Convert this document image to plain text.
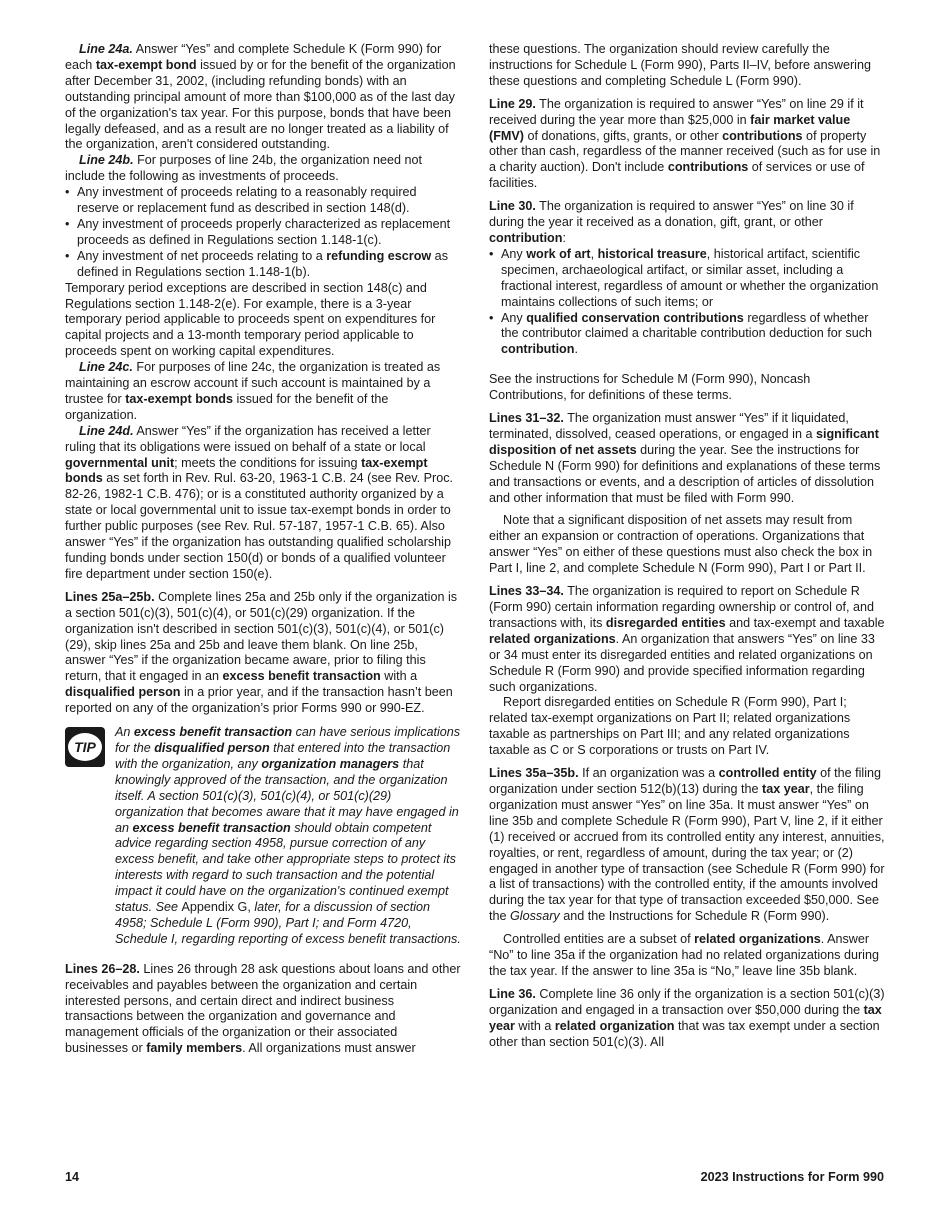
Line 24a. Answer “Yes” and complete Schedule K (Form 990) for each tax-exempt bond issued by or for the benefit of the organization after December 31, 2002, (including refunding bonds) with an outstanding principal amount of more than $100,000 as of the last day of the organization's tax year. For this purpose, bonds that have been legally defeased, and as a result are no longer treated as a liability of the organization, aren't considered outstanding.

Line 24b. For purposes of line 24b, the organization need not include the following as investments of proceeds.

• Any investment of proceeds relating to a reasonably required reserve or replacement fund as described in section 148(d).

• Any investment of proceeds properly characterized as replacement proceeds as defined in Regulations section 1.148-1(c).

• Any investment of net proceeds relating to a refunding escrow as defined in Regulations section 1.148-1(b).

Temporary period exceptions are described in section 148(c) and Regulations section 1.148-2(e). For example, there is a 3-year temporary period applicable to proceeds spent on expenditures for capital projects and a 13-month temporary period applicable to proceeds spent on working capital expenditures.

Line 24c. For purposes of line 24c, the organization is treated as maintaining an escrow account if such account is maintained by a trustee for tax-exempt bonds issued for the benefit of the organization.

Line 24d. Answer “Yes” if the organization has received a letter ruling that its obligations were issued on behalf of a state or local governmental unit; meets the conditions for issuing tax-exempt bonds as set forth in Rev. Rul. 63-20, 1963-1 C.B. 24 (see Rev. Proc. 82-26, 1982-1 C.B. 476); or is a constituted authority organized by a state or local governmental unit to issue tax-exempt bonds in order to further public purposes (see Rev. Rul. 57-187, 1957-1 C.B. 65). Also answer “Yes” if the organization has outstanding qualified scholarship funding bonds under section 150(d) or bonds of a qualified volunteer fire department under section 150(e).

Lines 25a–25b. Complete lines 25a and 25b only if the organization is a section 501(c)(3), 501(c)(4), or 501(c)(29) organization. If the organization isn't described in section 501(c)(3), 501(c)(4), or 501(c)(29), skip lines 25a and 25b and leave them blank. On line 25b, answer “Yes” if the organization became aware, prior to filing this return, that it engaged in an excess benefit transaction with a disqualified person in a prior year, and if the transaction hasn’t been reported on any of the organization’s prior Forms 990 or 990-EZ.

TIP

An excess benefit transaction can have serious implications for the disqualified person that entered into the transaction with the organization, any organization managers that knowingly approved of the transaction, and the organization itself. A section 501(c)(3), 501(c)(4), or 501(c)(29) organization that becomes aware that it may have engaged in an excess benefit transaction should obtain competent advice regarding section 4958, pursue correction of any excess benefit, and take other appropriate steps to protect its interests with regard to such transaction and the potential impact it could have on the organization's continued exempt status. See Appendix G, later, for a discussion of section 4958; Schedule L (Form 990), Part I; and Form 4720, Schedule I, regarding reporting of excess benefit transactions.

Lines 26–28. Lines 26 through 28 ask questions about loans and other receivables and payables between the organization and certain interested persons, and certain direct and indirect business transactions between the organization and governance and management officials of the organization or their associated businesses or family members. All organizations must answer

these questions. The organization should review carefully the instructions for Schedule L (Form 990), Parts II–IV, before answering these questions and completing Schedule L (Form 990).

Line 29. The organization is required to answer “Yes” on line 29 if it received during the year more than $25,000 in fair market value (FMV) of donations, gifts, grants, or other contributions of property other than cash, regardless of the manner received (such as for use in a charity auction). Don't include contributions of services or use of facilities.

Line 30. The organization is required to answer “Yes” on line 30 if during the year it received as a donation, gift, grant, or other contribution:

• Any work of art, historical treasure, historical artifact, scientific specimen, archaeological artifact, or similar asset, including a fractional interest, regardless of amount or whether the organization maintains collections of such items; or

• Any qualified conservation contributions regardless of whether the contributor claimed a charitable contribution deduction for such contribution.

See the instructions for Schedule M (Form 990), Noncash Contributions, for definitions of these terms.

Lines 31–32. The organization must answer “Yes” if it liquidated, terminated, dissolved, ceased operations, or engaged in a significant disposition of net assets during the year. See the instructions for Schedule N (Form 990) for definitions and explanations of these terms and transactions or events, and a description of articles of dissolution and other information that must be filed with Form 990.

Note that a significant disposition of net assets may result from either an expansion or contraction of operations. Organizations that answer “Yes” on either of these questions must also check the box in Part I, line 2, and complete Schedule N (Form 990), Part I or Part II.

Lines 33–34. The organization is required to report on Schedule R (Form 990) certain information regarding ownership or control of, and transactions with, its disregarded entities and tax-exempt and taxable related organizations. An organization that answers “Yes” on line 33 or 34 must enter its disregarded entities and related organizations on Schedule R (Form 990) and provide specified information regarding such organizations.

Report disregarded entities on Schedule R (Form 990), Part I; related tax-exempt organizations on Part II; related organizations taxable as partnerships on Part III; and any related organizations taxable as C or S corporations or trusts on Part IV.

Lines 35a–35b. If an organization was a controlled entity of the filing organization under section 512(b)(13) during the tax year, the filing organization must answer “Yes” on line 35a. It must answer “Yes” on line 35b and complete Schedule R (Form 990), Part V, line 2, if it either (1) received or accrued from its controlled entity any interest, annuities, royalties, or rent, regardless of amount, during the tax year; or (2) engaged in another type of transaction (see Schedule R (Form 990) for a list of transactions) with the controlled entity, if the amounts involved during the tax year for that type of transaction exceeded $50,000. See the Glossary and the Instructions for Schedule R (Form 990).

Controlled entities are a subset of related organizations. Answer “No” to line 35a if the organization had no related organizations during the tax year. If the answer to line 35a is “No,” leave line 35b blank.

Line 36. Complete line 36 only if the organization is a section 501(c)(3) organization and engaged in a transaction over $50,000 during the tax year with a related organization that was tax exempt under a section other than section 501(c)(3). All

14	2023 Instructions for Form 990
